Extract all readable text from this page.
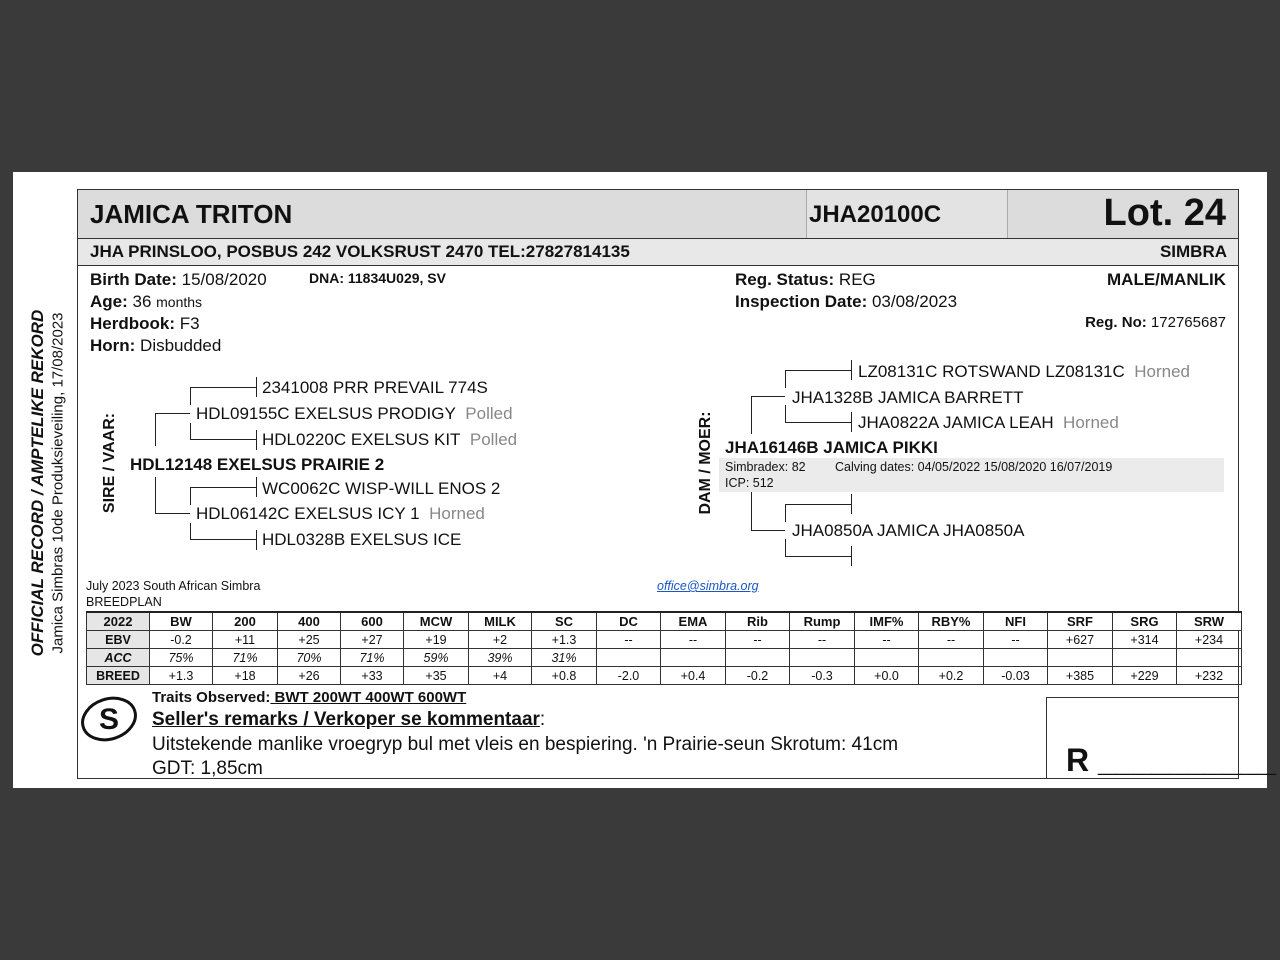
OFFICIAL RECORD / AMPTELIKE REKORD Jamica Simbras 10de Produksieveiling, 17/08/2023
JAMICA TRITON	JHA20100C	Lot. 24
JHA PRINSLOO, POSBUS 242 VOLKSRUST 2470 TEL:27827814135	SIMBRA
Birth Date: 15/08/2020	DNA: 11834U029, SV
Age: 36 months
Herdbook: F3
Horn: Disbudded
Reg. Status: REG
Inspection Date: 03/08/2023
MALE/MANLIK
Reg. No: 172765687
SIRE / VAAR: HDL12148 EXELSUS PRAIRIE 2
2341008 PRR PREVAIL 774S
HDL09155C EXELSUS PRODIGY Polled
HDL0220C EXELSUS KIT Polled
WC0062C WISP-WILL ENOS 2
HDL06142C EXELSUS ICY 1 Horned
HDL0328B EXELSUS ICE
DAM / MOER: JHA16146B JAMICA PIKKI
Simbradex: 82 Calving dates: 04/05/2022 15/08/2020 16/07/2019
ICP: 512
LZ08131C ROTSWAND LZ08131C Horned
JHA1328B JAMICA BARRETT
JHA0822A JAMICA LEAH Horned
JHA0850A JAMICA JHA0850A
July 2023 South African Simbra
BREEDPLAN
office@simbra.org
2022	BW	200	400	600	MCW	MILK	SC	DC	EMA	Rib	Rump	IMF%	RBY%	NFI	SRF	SRG	SRW
EBV	-0.2	+11	+25	+27	+19	+2	+1.3	--	--	--	--	--	--	--	+627	+314	+234
ACC	75%	71%	70%	71%	59%	39%	31%										
BREED	+1.3	+18	+26	+33	+35	+4	+0.8	-2.0	+0.4	-0.2	-0.3	+0.0	+0.2	-0.03	+385	+229	+232
S
Traits Observed: BWT 200WT 400WT 600WT
Seller's remarks / Verkoper se kommentaar:
Uitstekende manlike vroegryp bul met vleis en bespiering. 'n Prairie-seun Skrotum: 41cm
GDT: 1,85cm	R __________
